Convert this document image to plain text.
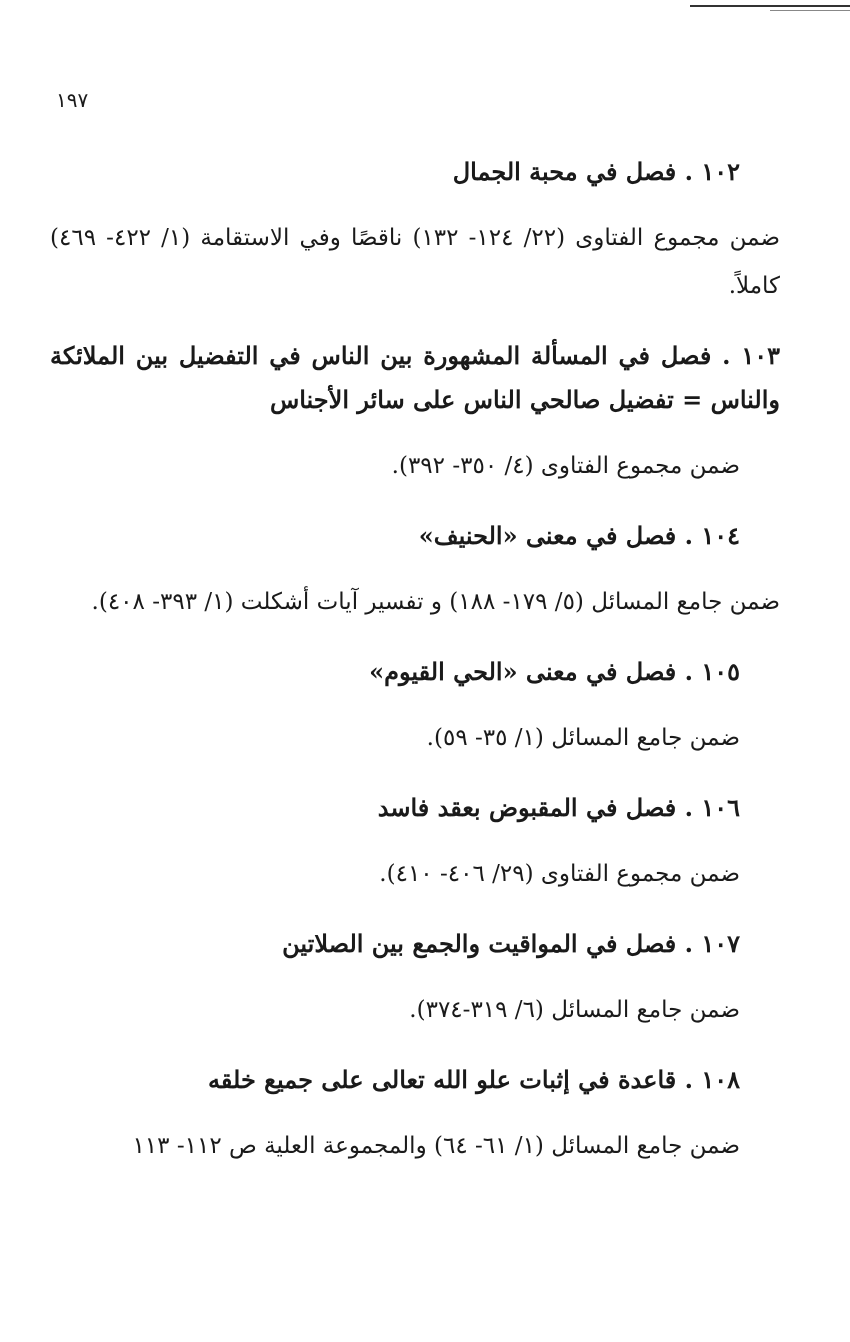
١٩٧

١٠٢ . فصل في محبة الجمال

ضمن مجموع الفتاوى (٢٢/ ١٢٤- ١٣٢) ناقصًا وفي الاستقامة (١/ ٤٢٢- ٤٦٩) كاملاً.

١٠٣ . فصل في المسألة المشهورة بين الناس في التفضيل بين الملائكة والناس = تفضيل صالحي الناس على سائر الأجناس

ضمن مجموع الفتاوى (٤/ ٣٥٠- ٣٩٢).

١٠٤ . فصل في معنى «الحنيف»

ضمن جامع المسائل (٥/ ١٧٩- ١٨٨) و تفسير آيات أشكلت (١/ ٣٩٣- ٤٠٨).

١٠٥ . فصل في معنى «الحي القيوم»

ضمن جامع المسائل (١/ ٣٥- ٥٩).

١٠٦ . فصل في المقبوض بعقد فاسد

ضمن مجموع الفتاوى (٢٩/ ٤٠٦- ٤١٠).

١٠٧ . فصل في المواقيت والجمع بين الصلاتين

ضمن جامع المسائل (٦/ ٣١٩-٣٧٤).

١٠٨ . قاعدة في إثبات علو الله تعالى على جميع خلقه

ضمن جامع المسائل (١/ ٦١- ٦٤) والمجموعة العلية ص ١١٢- ١١٣
